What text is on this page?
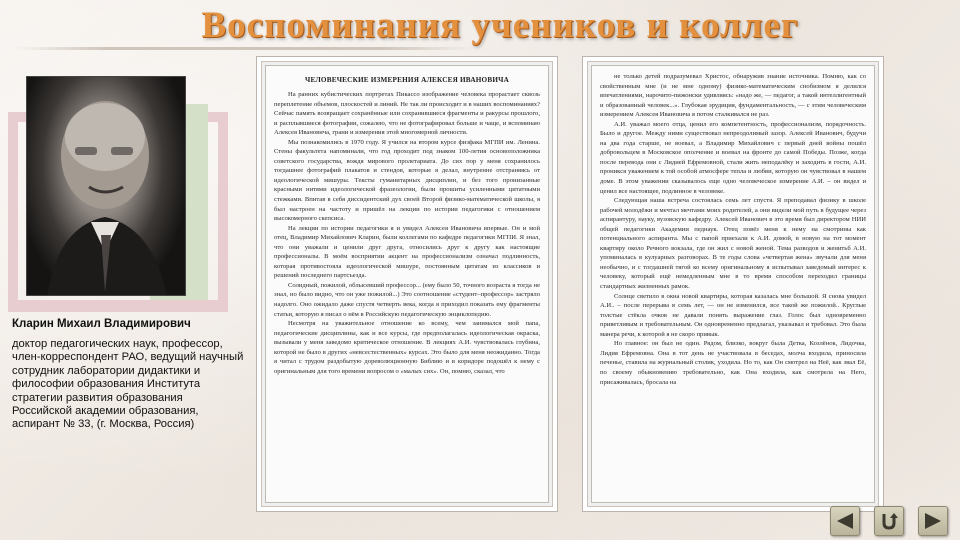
Воспоминания учеников и коллег
Кларин Михаил Владимирович
доктор педагогических наук, профессор, член-корреспондент РАО, ведущий научный сотрудник лаборатории дидактики и философии образования Института стратегии развития образования Российской академии образования, аспирант № 33, (г. Москва, Россия)
ЧЕЛОВЕЧЕСКИЕ ИЗМЕРЕНИЯ АЛЕКСЕЯ ИВАНОВИЧА

На ранних кубистических портретах Пикассо изображение человека прорастает сквозь переплетение объемов, плоскостей и линий. Не так ли происходит и в наших воспоминаниях? Сейчас память возвращает сохранённые или сохранившиеся фрагменты и ракурсы прошлого, и расплывшиеся фотографии, сожалею, что не фотографировал больше и чаще, и вспоминаю Алексея Ивановича, грани и измерения этой многомерной личности.

Мы познакомились в 1970 году. Я учился на втором курсе физфака МГПИ им. Ленина. Стены факультета напоминали, что год проходит под знаком 100-летия основоположника советского государства, вождя мирового пролетариата. До сих пор у меня сохранилось тогдашнее фотографий плакатов и стендов, которые я делал, внутренне отстраняясь от идеологической мишуры. Тексты гуманитарных дисциплин, и без того пронизанные красными нитями идеологической фразеологии, были прошиты усиленными цитатными стежками. Впитав в себя диссидентский дух своей Второй физико-математической школы, я был настроен на частоту и пришёл на лекции по истории педагогики с отношением высокомерного скепсиса.

На лекции по истории педагогики я и увидел Алексея Ивановича впервые. Он и мой отец, Владимир Михайлович Кларин, были коллегами по кафедре педагогики МГПИ. Я знал, что они уважали и ценили друг друга, относились друг к другу как настоящие профессионалы. В моём восприятии акцент на профессионализм означал подлинность, которая противостояла идеологической мишуре, постоянным цитатам из классиков и решений последнего партсъезда.

Солидный, пожилой, облысевший профессор... (ему было 50, точного возраста я тогда не знал, но было видно, что он уже пожилой...) Это соотношение «студент–профессор» застряло надолго. Оно ожидало даже спустя четверть века, когда я приходил показать ему фрагменты статьи, которую я писал о нём в Российскую педагогическую энциклопедию.

Несмотря на уважительное отношение ко всему, чем занимался мой папа, педагогические дисциплины, как и все курсы, где предполагалась идеологическая окраска, вызывали у меня заведомо критическое отношение. В лекциях А.И. чувствовалась глубина, которой не было в других «невсестественных» курсах. Это было для меня неожиданно. Тогда я читал с трудом раздобытую дореволюционную Библию и в коридоре подошёл к нему с оригинальным для того времени вопросом о «малых сих». Он, помню, сказал, что

не только детей подразумевал Христос, обнаружив знание источника. Помню, как со свойственным мне (и не мне одному) физико-математическим снобизмом я делился впечатлениями, нарочито-пижонски удивляясь: «надо же, — педагог, а такой интеллигентный и образованный человек...». Глубокая эрудиция, фундаментальность, — с этим человеческим измерением Алексея Ивановича я потом сталкивался не раз.

А.И. уважал моего отца, ценил его компетентность, профессионализм, порядочность. Было и другое. Между ними существовал непреодолимый зазор. Алексей Иванович, будучи на два года старше, не воевал, а Владимир Михайлович с первый дней войны пошёл добровольцем в Московское ополчение и воевал на фронте до самой Победы. Позже, когда после перевода они с Лидией Ефремовной, стали жить неподалёку и заходить в гости, А.И. проникся уважением к той особой атмосфере тепла и любви, которую он чувствовал в нашем доме. В этом уважении сказывалось еще одно человеческое измерение А.И. – он видел и ценил все настоящее, подлинное в человеке.

Следующая наша встреча состоялась семь лет спустя. Я преподавал физику в школе рабочей молодёжи и мечтал мечтами моих родителей, а они видели мой путь в будущее через аспирантуру, науку, вузовскую кафедру. Алексей Иванович в это время был директором НИИ общей педагогики Академии педнаук. Отец повёз меня к нему на смотрины как потенциального аспиранта. Мы с папой приехали к А.И. домой, в новую на тот момент квартиру около Речного вокзала, где он жил с новой женой. Тема разводов и женитьб А.И. упоминалась в кулуарных разговорах. В те годы слова «четвертая жена» звучали для меня необычно, и с тогдашней тягой ко всему оригинальному я испытывал заведомый интерес к человеку, который ещё немедленным мне в то время способом переходил границы стандартных жизненных рамок.

Солнце светило в окна новой квартиры, которая казалась мне большой. Я снова увидел А.И.. – после перерыва в семь лет, — он не изменился, все такой же пожилой.. Круглые толстые стёкла очков не давали понять выражение глаз. Голос был одновременно приветливым и требовательным. Он одновременно предлагал, указывал и требовал. Это была манера речи, к которой я не скоро привык.

Но главное: он был не один. Рядом, близко, вокруг была Детка, Козлёнок, Лидочка, Лидия Ефремовна. Она в тот день не участвовала в беседах, молча входила, приносила печенье, ставила на журнальный столик, уходила. Но то, как Он смотрел на Неё, как звал Её, по своему обыкновению требовательно, как Она входила, как смотрела на Него, присаживалась, бросала на
